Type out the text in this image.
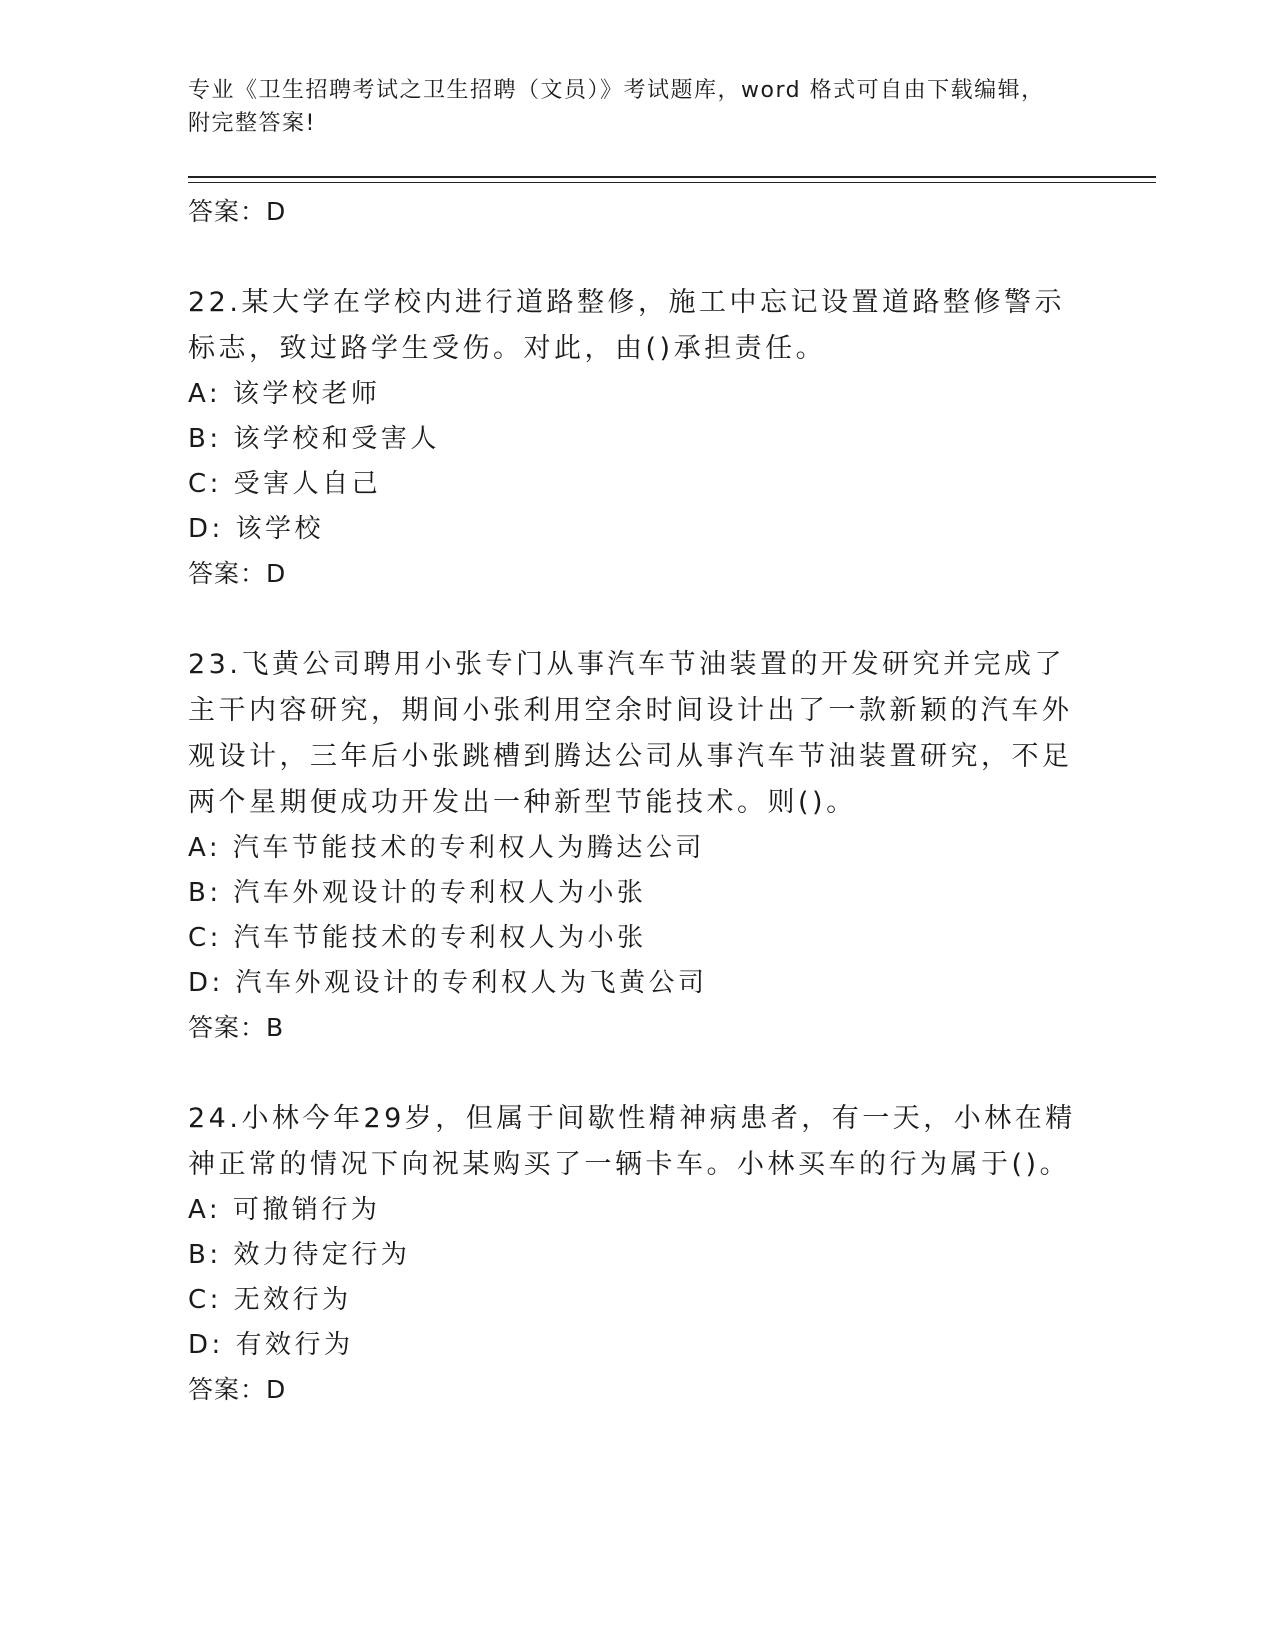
专业《卫生招聘考试之卫生招聘（文员）》考试题库，word 格式可自由下载编辑，附完整答案!
答案：D
22.某大学在学校内进行道路整修，施工中忘记设置道路整修警示标志，致过路学生受伤。对此，由()承担责任。
A: 该学校老师
B: 该学校和受害人
C: 受害人自己
D: 该学校
答案：D
23.飞黄公司聘用小张专门从事汽车节油装置的开发研究并完成了主干内容研究，期间小张利用空余时间设计出了一款新颖的汽车外观设计，三年后小张跳槽到腾达公司从事汽车节油装置研究，不足两个星期便成功开发出一种新型节能技术。则()。
A: 汽车节能技术的专利权人为腾达公司
B: 汽车外观设计的专利权人为小张
C: 汽车节能技术的专利权人为小张
D: 汽车外观设计的专利权人为飞黄公司
答案：B
24.小林今年29岁，但属于间歇性精神病患者，有一天，小林在精神正常的情况下向祝某购买了一辆卡车。小林买车的行为属于()。
A: 可撤销行为
B: 效力待定行为
C: 无效行为
D: 有效行为
答案：D
